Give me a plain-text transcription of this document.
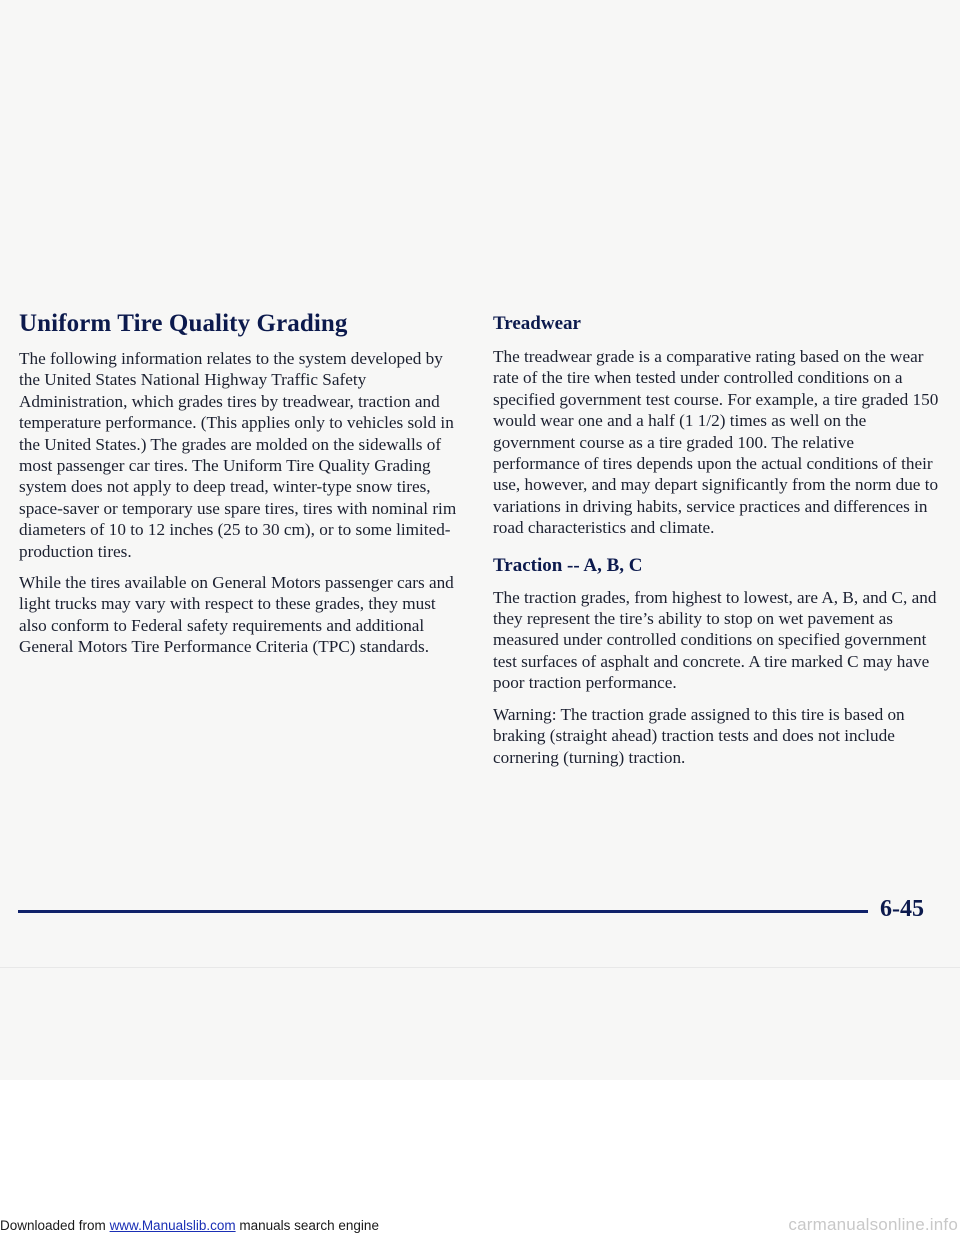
Uniform Tire Quality Grading

The following information relates to the system developed by the United States National Highway Traffic Safety Administration, which grades tires by treadwear, traction and temperature performance. (This applies only to vehicles sold in the United States.) The grades are molded on the sidewalls of most passenger car tires. The Uniform Tire Quality Grading system does not apply to deep tread, winter-type snow tires, space-saver or temporary use spare tires, tires with nominal rim diameters of 10 to 12 inches (25 to 30 cm), or to some limited-production tires.

While the tires available on General Motors passenger cars and light trucks may vary with respect to these grades, they must also conform to Federal safety requirements and additional General Motors Tire Performance Criteria (TPC) standards.

Treadwear

The treadwear grade is a comparative rating based on the wear rate of the tire when tested under controlled conditions on a specified government test course. For example, a tire graded 150 would wear one and a half (1 1/2) times as well on the government course as a tire graded 100. The relative performance of tires depends upon the actual conditions of their use, however, and may depart significantly from the norm due to variations in driving habits, service practices and differences in road characteristics and climate.

Traction -- A, B, C

The traction grades, from highest to lowest, are A, B, and C, and they represent the tire’s ability to stop on wet pavement as measured under controlled conditions on specified government test surfaces of asphalt and concrete. A tire marked C may have poor traction performance.

Warning: The traction grade assigned to this tire is based on braking (straight ahead) traction tests and does not include cornering (turning) traction.

6-45
Downloaded from www.Manualslib.com manuals search engine	carmanualsonline.info
